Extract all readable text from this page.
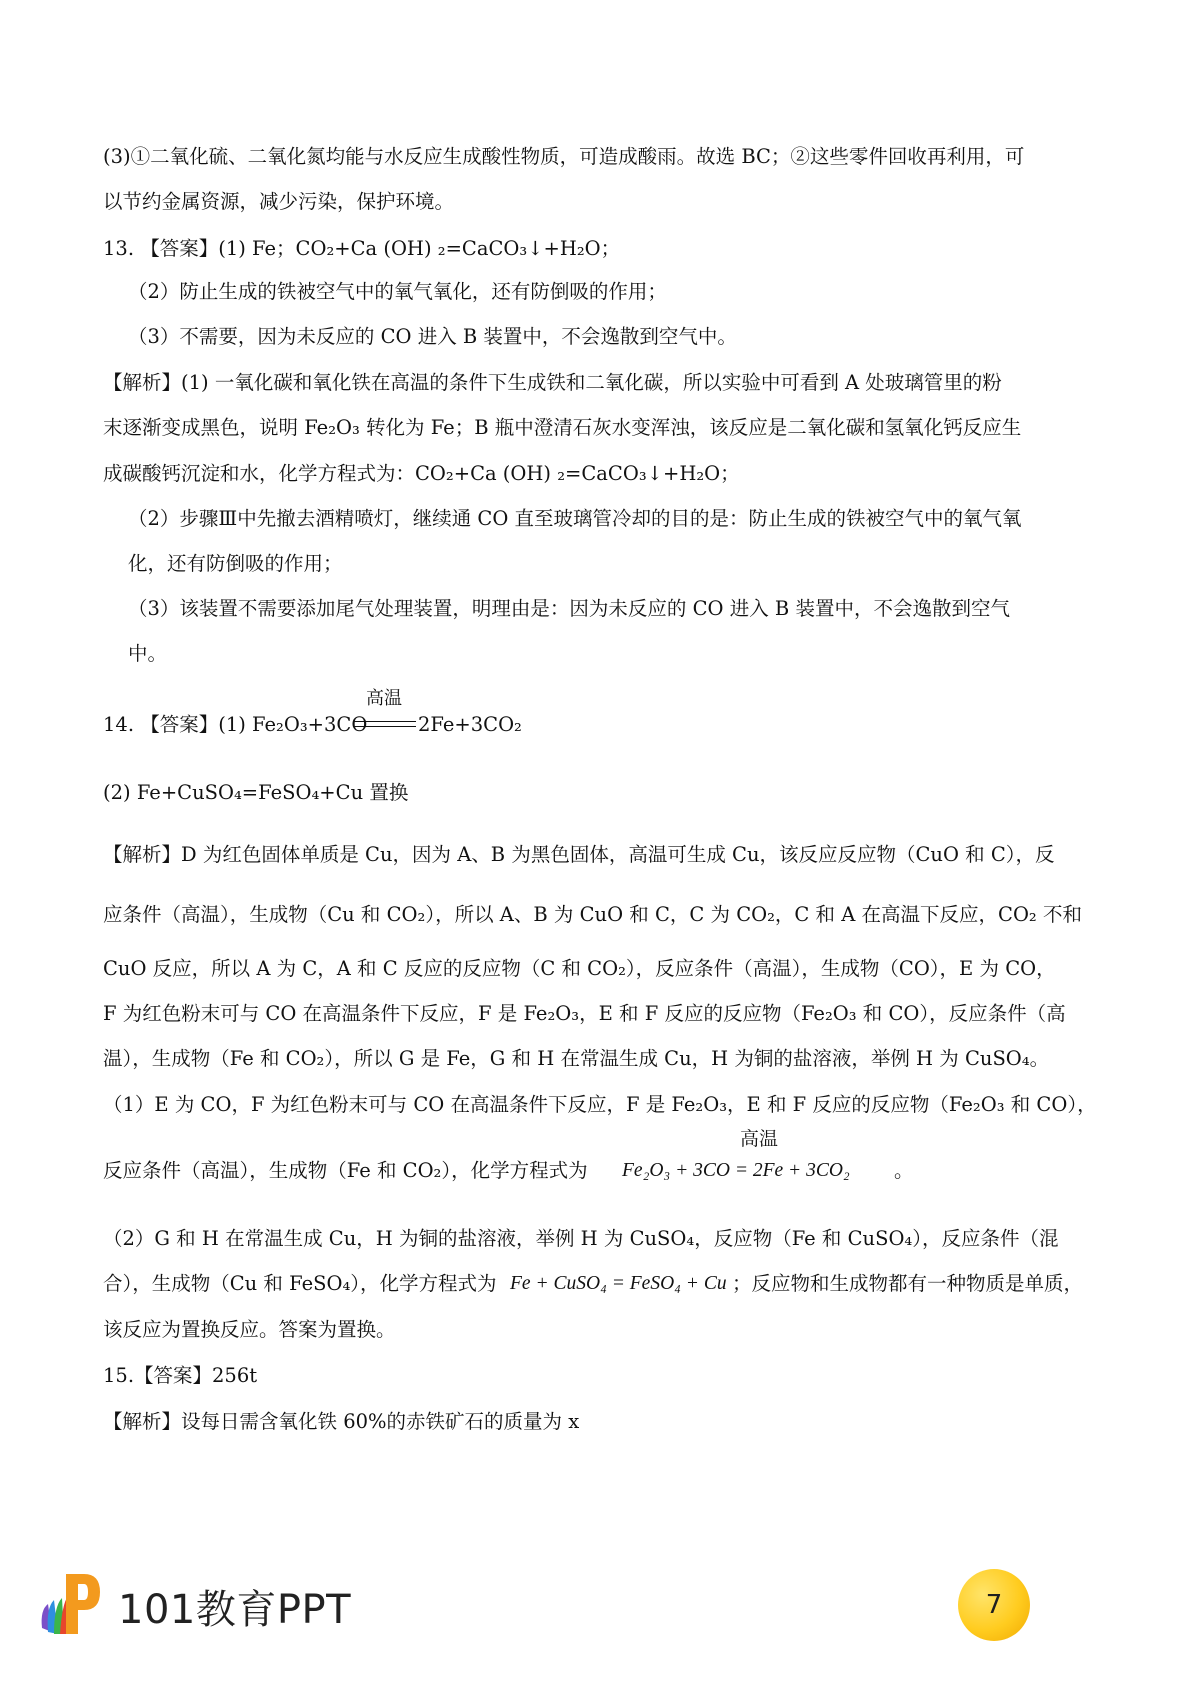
(3)①二氧化硫、二氧化氮均能与水反应生成酸性物质，可造成酸雨。故选 BC；②这些零件回收再利用，可
以节约金属资源，减少污染，保护环境。
13. 【答案】(1) Fe；CO₂+Ca (OH) ₂=CaCO₃↓+H₂O；
（2）防止生成的铁被空气中的氧气氧化，还有防倒吸的作用；
（3）不需要，因为未反应的 CO 进入 B 装置中，不会逸散到空气中。
【解析】(1) 一氧化碳和氧化铁在高温的条件下生成铁和二氧化碳，所以实验中可看到 A 处玻璃管里的粉
末逐渐变成黑色，说明 Fe₂O₃ 转化为 Fe；B 瓶中澄清石灰水变浑浊，该反应是二氧化碳和氢氧化钙反应生
成碳酸钙沉淀和水，化学方程式为：CO₂+Ca (OH) ₂=CaCO₃↓+H₂O；
（2）步骤Ⅲ中先撤去酒精喷灯，继续通 CO 直至玻璃管冷却的目的是：防止生成的铁被空气中的氧气氧
化，还有防倒吸的作用；
（3）该装置不需要添加尾气处理装置，明理由是：因为未反应的 CO 进入 B 装置中，不会逸散到空气
中。
14. 【答案】(1) Fe₂O₃+3CO
高温
2Fe+3CO₂
(2) Fe+CuSO₄=FeSO₄+Cu 置换
【解析】D 为红色固体单质是 Cu，因为 A、B 为黑色固体，高温可生成 Cu，该反应反应物（CuO 和 C），反
应条件（高温），生成物（Cu 和 CO₂），所以 A、B 为 CuO 和 C，C 为 CO₂，C 和 A 在高温下反应，CO₂ 不和
CuO 反应，所以 A 为 C，A 和 C 反应的反应物（C 和 CO₂），反应条件（高温），生成物（CO），E 为 CO，
F 为红色粉末可与 CO 在高温条件下反应，F 是 Fe₂O₃，E 和 F 反应的反应物（Fe₂O₃ 和 CO），反应条件（高
温），生成物（Fe 和 CO₂），所以 G 是 Fe，G 和 H 在常温生成 Cu，H 为铜的盐溶液，举例 H 为 CuSO₄。
（1）E 为 CO，F 为红色粉末可与 CO 在高温条件下反应，F 是 Fe₂O₃，E 和 F 反应的反应物（Fe₂O₃ 和 CO），
高温
反应条件（高温），生成物（Fe 和 CO₂），化学方程式为 Fe₂O₃ + 3CO = 2Fe + 3CO₂ 。
（2）G 和 H 在常温生成 Cu，H 为铜的盐溶液，举例 H 为 CuSO₄，反应物（Fe 和 CuSO₄），反应条件（混
合），生成物（Cu 和 FeSO₄），化学方程式为 Fe + CuSO₄ = FeSO₄ + Cu ；反应物和生成物都有一种物质是单质，
该反应为置换反应。答案为置换。
15.【答案】256t
【解析】设每日需含氧化铁 60%的赤铁矿石的质量为 x
101教育PPT	7
